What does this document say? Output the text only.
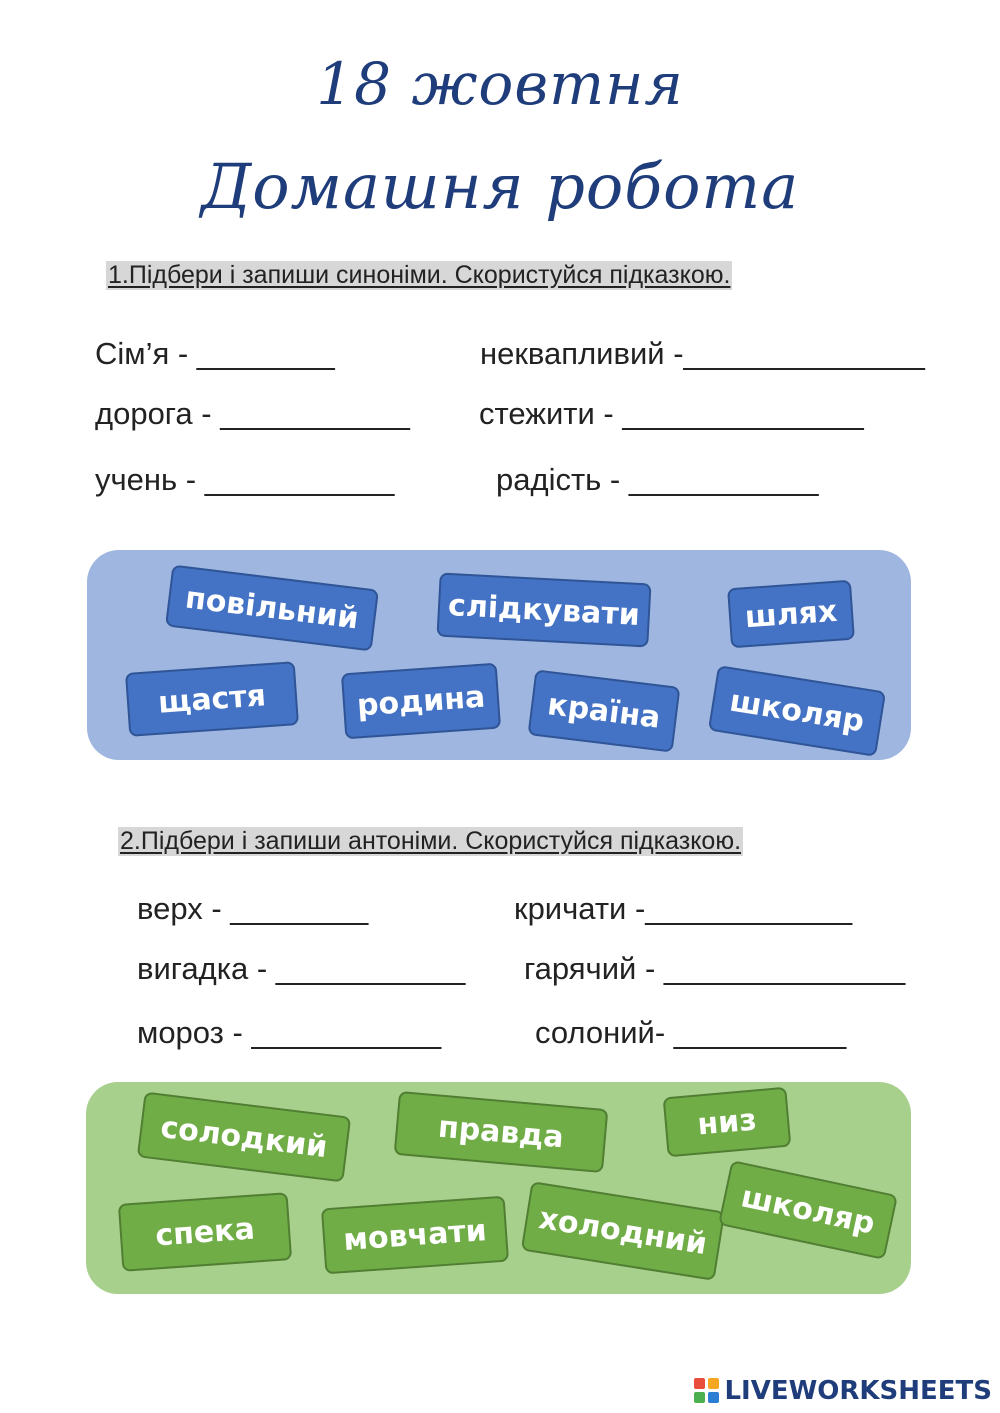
18 жовтня
Домашня робота
1.Підбери і запиши синоніми. Скористуйся підказкою.
Сім’я - ________	неквапливий -______________
дорога - ___________ стежити - ______________
учень - ___________	радість - ___________
повільний	слідкувати	шлях
щастя	родина	країна	школяр
2.Підбери і запиши антоніми. Скористуйся підказкою.
верх - ________	кричати -____________
вигадка - ___________ гарячий - ______________
мороз - ___________	солоний- __________
солодкий	правда	низ
спека	мовчати	холодний школяр
LIVEWORKSHEETS
